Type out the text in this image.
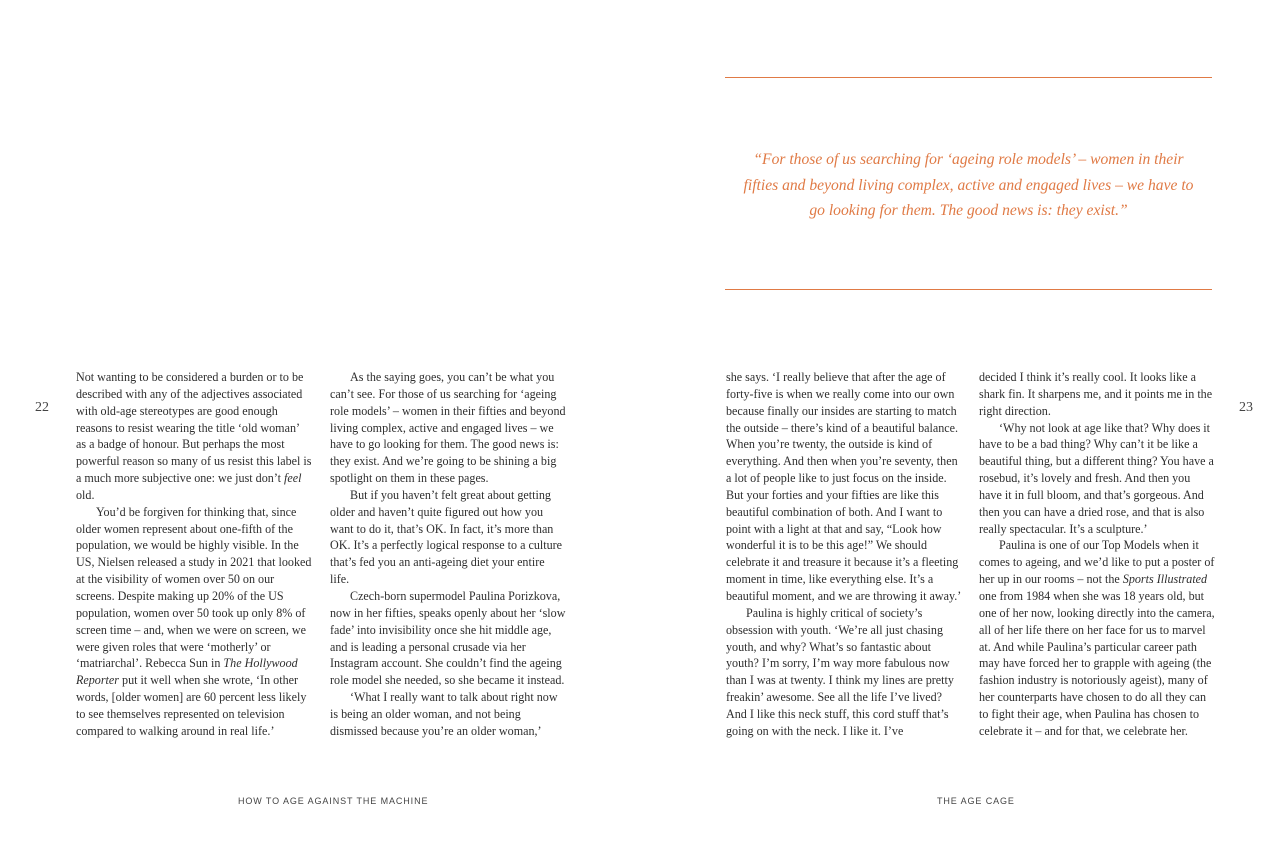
22

Not wanting to be considered a burden or to be described with any of the adjectives associated with old-age stereotypes are good enough reasons to resist wearing the title ‘old woman’ as a badge of honour. But perhaps the most powerful reason so many of us resist this label is a much more subjective one: we just don’t feel old.

You’d be forgiven for thinking that, since older women represent about one-fifth of the population, we would be highly visible. In the US, Nielsen released a study in 2021 that looked at the visibility of women over 50 on our screens. Despite making up 20% of the US population, women over 50 took up only 8% of screen time – and, when we were on screen, we were given roles that were ‘motherly’ or ‘matriarchal’. Rebecca Sun in The Hollywood Reporter put it well when she wrote, ‘In other words, [older women] are 60 percent less likely to see themselves represented on television compared to walking around in real life.’

As the saying goes, you can’t be what you can’t see. For those of us searching for ‘ageing role models’ – women in their fifties and beyond living complex, active and engaged lives – we have to go looking for them. The good news is: they exist. And we’re going to be shining a big spotlight on them in these pages.

But if you haven’t felt great about getting older and haven’t quite figured out how you want to do it, that’s OK. In fact, it’s more than OK. It’s a perfectly logical response to a culture that’s fed you an anti-ageing diet your entire life.

Czech-born supermodel Paulina Porizkova, now in her fifties, speaks openly about her ‘slow fade’ into invisibility once she hit middle age, and is leading a personal crusade via her Instagram account. She couldn’t find the ageing role model she needed, so she became it instead.

‘What I really want to talk about right now is being an older woman, and not being dismissed because you’re an older woman,’

HOW TO AGE AGAINST THE MACHINE
“For those of us searching for ‘ageing role models’ – women in their fifties and beyond living complex, active and engaged lives – we have to go looking for them. The good news is: they exist.”
23

she says. ‘I really believe that after the age of forty-five is when we really come into our own because finally our insides are starting to match the outside – there’s kind of a beautiful balance. When you’re twenty, the outside is kind of everything. And then when you’re seventy, then a lot of people like to just focus on the inside. But your forties and your fifties are like this beautiful combination of both. And I want to point with a light at that and say, “Look how wonderful it is to be this age!” We should celebrate it and treasure it because it’s a fleeting moment in time, like everything else. It’s a beautiful moment, and we are throwing it away.’

Paulina is highly critical of society’s obsession with youth. ‘We’re all just chasing youth, and why? What’s so fantastic about youth? I’m sorry, I’m way more fabulous now than I was at twenty. I think my lines are pretty freakin’ awesome. See all the life I’ve lived? And I like this neck stuff, this cord stuff that’s going on with the neck. I like it. I’ve

decided I think it’s really cool. It looks like a shark fin. It sharpens me, and it points me in the right direction.

‘Why not look at age like that? Why does it have to be a bad thing? Why can’t it be like a beautiful thing, but a different thing? You have a rosebud, it’s lovely and fresh. And then you have it in full bloom, and that’s gorgeous. And then you can have a dried rose, and that is also really spectacular. It’s a sculpture.’

Paulina is one of our Top Models when it comes to ageing, and we’d like to put a poster of her up in our rooms – not the Sports Illustrated one from 1984 when she was 18 years old, but one of her now, looking directly into the camera, all of her life there on her face for us to marvel at. And while Paulina’s particular career path may have forced her to grapple with ageing (the fashion industry is notoriously ageist), many of her counterparts have chosen to do all they can to fight their age, when Paulina has chosen to celebrate it – and for that, we celebrate her.

THE AGE CAGE
